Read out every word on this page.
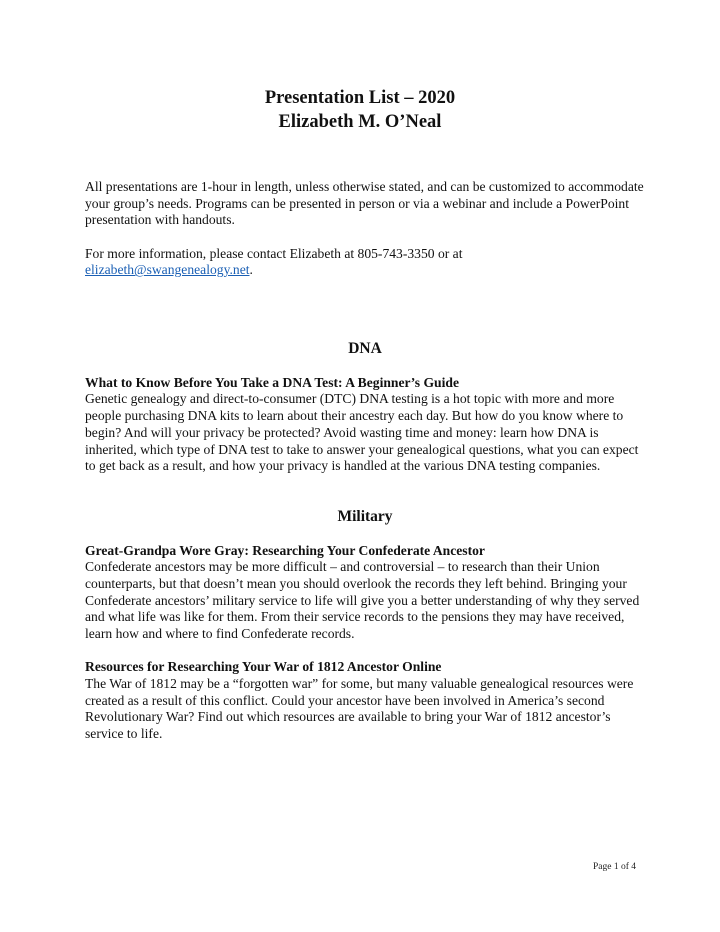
Presentation List – 2020
Elizabeth M. O’Neal

All presentations are 1-hour in length, unless otherwise stated, and can be customized to accommodate your group’s needs. Programs can be presented in person or via a webinar and include a PowerPoint presentation with handouts.

For more information, please contact Elizabeth at 805-743-3350 or at
elizabeth@swangenealogy.net.

DNA

What to Know Before You Take a DNA Test: A Beginner’s Guide

Genetic genealogy and direct-to-consumer (DTC) DNA testing is a hot topic with more and more people purchasing DNA kits to learn about their ancestry each day. But how do you know where to begin? And will your privacy be protected? Avoid wasting time and money: learn how DNA is inherited, which type of DNA test to take to answer your genealogical questions, what you can expect to get back as a result, and how your privacy is handled at the various DNA testing companies.

Military

Great-Grandpa Wore Gray: Researching Your Confederate Ancestor

Confederate ancestors may be more difficult – and controversial – to research than their Union counterparts, but that doesn’t mean you should overlook the records they left behind. Bringing your Confederate ancestors’ military service to life will give you a better understanding of why they served and what life was like for them. From their service records to the pensions they may have received, learn how and where to find Confederate records.

Resources for Researching Your War of 1812 Ancestor Online

The War of 1812 may be a “forgotten war” for some, but many valuable genealogical resources were created as a result of this conflict. Could your ancestor have been involved in America’s second Revolutionary War? Find out which resources are available to bring your War of 1812 ancestor’s service to life.

Page 1 of 4
